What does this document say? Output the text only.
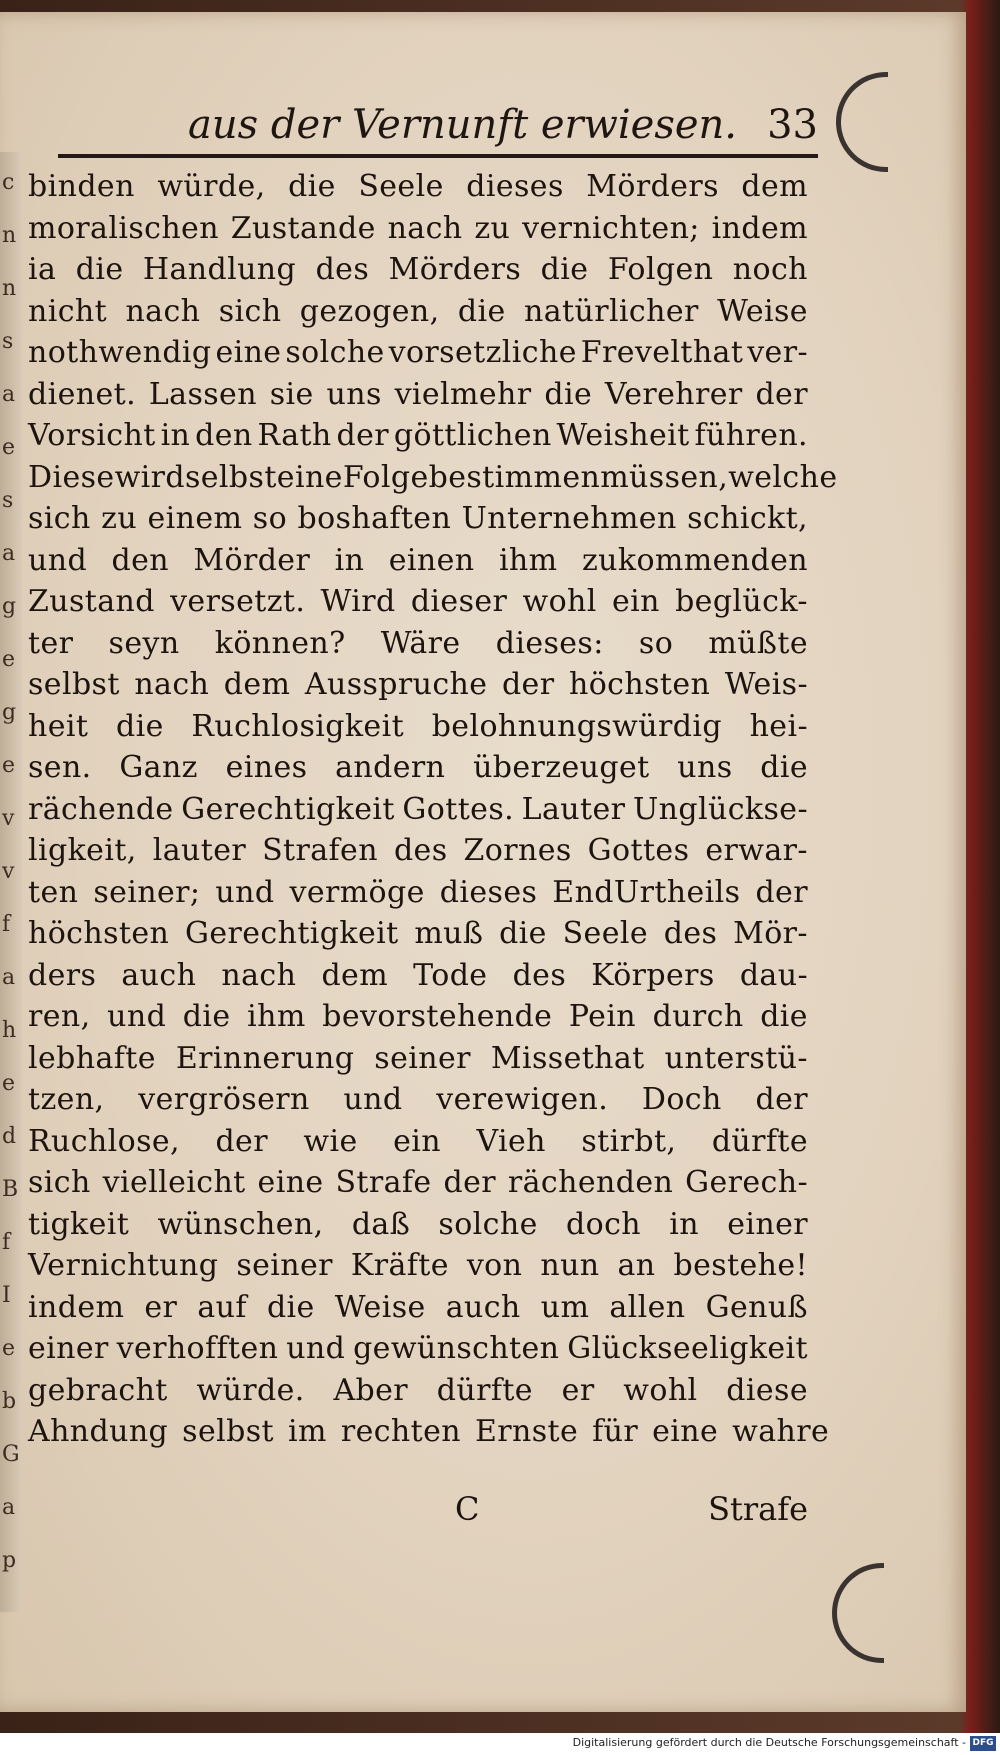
c
n
n
s
a
e
s
a
g
e
g
e
v
v
f
a
h
e
d
B
f
I
e
b
G
a
p
aus der Vernunft erwiesen. 33
binden würde, die Seele dieses Mörders dem
moralischen Zustande nach zu vernichten; indem
ia die Handlung des Mörders die Folgen noch
nicht nach sich gezogen, die natürlicher Weise
nothwendig eine solche vorsetzliche Frevelthat ver-
dienet. Lassen sie uns vielmehr die Verehrer der
Vorsicht in den Rath der göttlichen Weisheit führen.
Diese wird selbst eine Folge bestimmen müssen, welche
sich zu einem so boshaften Unternehmen schickt,
und den Mörder in einen ihm zukommenden
Zustand versetzt. Wird dieser wohl ein beglück-
ter seyn können? Wäre dieses: so müßte
selbst nach dem Ausspruche der höchsten Weis-
heit die Ruchlosigkeit belohnungswürdig hei-
sen. Ganz eines andern überzeuget uns die
rächende Gerechtigkeit Gottes. Lauter Unglückse-
ligkeit, lauter Strafen des Zornes Gottes erwar-
ten seiner; und vermöge dieses EndUrtheils der
höchsten Gerechtigkeit muß die Seele des Mör-
ders auch nach dem Tode des Körpers dau-
ren, und die ihm bevorstehende Pein durch die
lebhafte Erinnerung seiner Missethat unterstü-
tzen, vergrösern und verewigen. Doch der
Ruchlose, der wie ein Vieh stirbt, dürfte
sich vielleicht eine Strafe der rächenden Gerech-
tigkeit wünschen, daß solche doch in einer
Vernichtung seiner Kräfte von nun an bestehe!
indem er auf die Weise auch um allen Genuß
einer verhofften und gewünschten Glückseeligkeit
gebracht würde. Aber dürfte er wohl diese
Ahndung selbst im rechten Ernste für eine wahre
C	Strafe
Digitalisierung gefördert durch die Deutsche Forschungsgemeinschaft - DFG
